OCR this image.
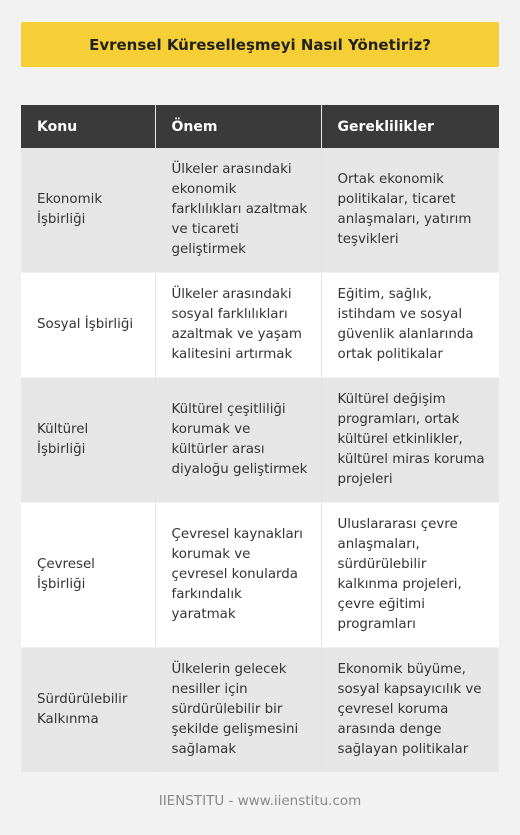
Evrensel Küreselleşmeyi Nasıl Yönetiriz?
Konu	Önem	Gereklilikler
Ekonomik İşbirliği	Ülkeler arasındaki ekonomik farklılıkları azaltmak ve ticareti geliştirmek	Ortak ekonomik politikalar, ticaret anlaşmaları, yatırım teşvikleri
Sosyal İşbirliği	Ülkeler arasındaki sosyal farklılıkları azaltmak ve yaşam kalitesini artırmak	Eğitim, sağlık, istihdam ve sosyal güvenlik alanlarında ortak politikalar
Kültürel İşbirliği	Kültürel çeşitliliği korumak ve kültürler arası diyaloğu geliştirmek	Kültürel değişim programları, ortak kültürel etkinlikler, kültürel miras koruma projeleri
Çevresel İşbirliği	Çevresel kaynakları korumak ve çevresel konularda farkındalık yaratmak	Uluslararası çevre anlaşmaları, sürdürülebilir kalkınma projeleri, çevre eğitimi programları
Sürdürülebilir Kalkınma	Ülkelerin gelecek nesiller için sürdürülebilir bir şekilde gelişmesini sağlamak	Ekonomik büyüme, sosyal kapsayıcılık ve çevresel koruma arasında denge sağlayan politikalar
IIENSTITU - www.iienstitu.com
